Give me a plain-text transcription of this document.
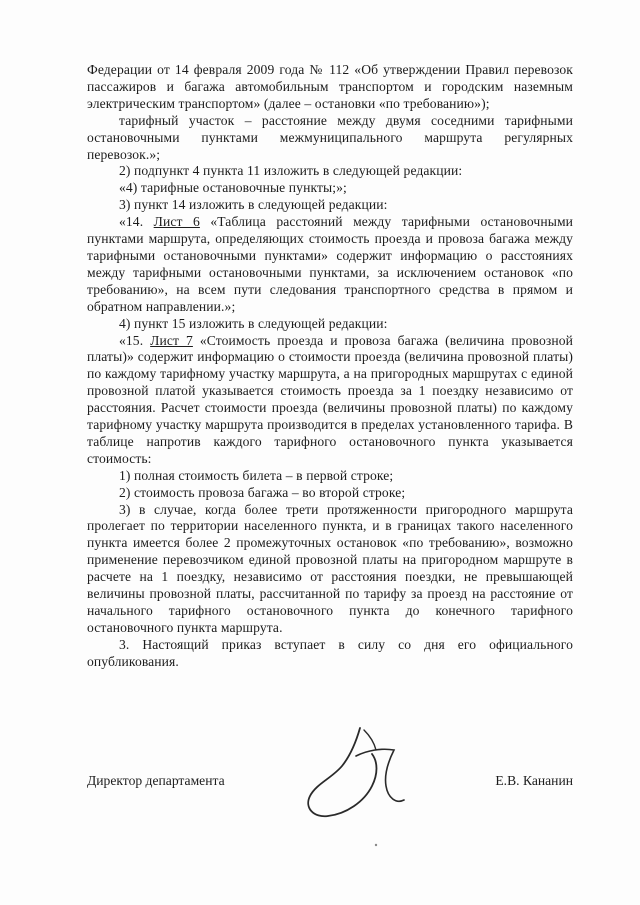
Федерации от 14 февраля 2009 года № 112 «Об утверждении Правил перевозок пассажиров и багажа автомобильным транспортом и городским наземным электрическим транспортом» (далее – остановки «по требованию»);

тарифный участок – расстояние между двумя соседними тарифными остановочными пунктами межмуниципального маршрута регулярных перевозок.»;

2) подпункт 4 пункта 11 изложить в следующей редакции:

«4) тарифные остановочные пункты;»;

3) пункт 14 изложить в следующей редакции:

«14. Лист 6 «Таблица расстояний между тарифными остановочными пунктами маршрута, определяющих стоимость проезда и провоза багажа между тарифными остановочными пунктами» содержит информацию о расстояниях между тарифными остановочными пунктами, за исключением остановок «по требованию», на всем пути следования транспортного средства в прямом и обратном направлении.»;

4) пункт 15 изложить в следующей редакции:

«15. Лист 7 «Стоимость проезда и провоза багажа (величина провозной платы)» содержит информацию о стоимости проезда (величина провозной платы) по каждому тарифному участку маршрута, а на пригородных маршрутах с единой провозной платой указывается стоимость проезда за 1 поездку независимо от расстояния. Расчет стоимости проезда (величины провозной платы) по каждому тарифному участку маршрута производится в пределах установленного тарифа. В таблице напротив каждого тарифного остановочного пункта указывается стоимость:

1) полная стоимость билета – в первой строке;

2) стоимость провоза багажа – во второй строке;

3) в случае, когда более трети протяженности пригородного маршрута пролегает по территории населенного пункта, и в границах такого населенного пункта имеется более 2 промежуточных остановок «по требованию», возможно применение перевозчиком единой провозной платы на пригородном маршруте в расчете на 1 поездку, независимо от расстояния поездки, не превышающей величины провозной платы, рассчитанной по тарифу за проезд на расстояние от начального тарифного остановочного пункта до конечного тарифного остановочного пункта маршрута.

3. Настоящий приказ вступает в силу со дня его официального опубликования.

Директор департамента	Е.В. Кананин
